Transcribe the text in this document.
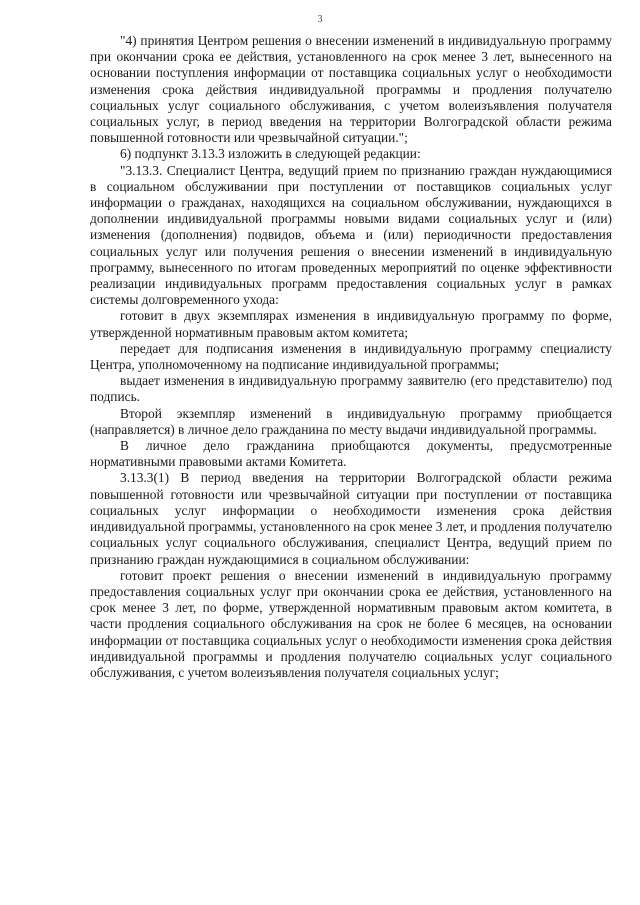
3

"4) принятия Центром решения о внесении изменений в индивидуальную программу при окончании срока ее действия, установленного на срок менее 3 лет, вынесенного на основании поступления информации от поставщика социальных услуг о необходимости изменения срока действия индивидуальной программы и продления получателю социальных услуг социального обслуживания, с учетом волеизъявления получателя социальных услуг, в период введения на территории Волгоградской области режима повышенной готовности или чрезвычайной ситуации.";

6) подпункт 3.13.3 изложить в следующей редакции:

"3.13.3. Специалист Центра, ведущий прием по признанию граждан нуждающимися в социальном обслуживании при поступлении от поставщиков социальных услуг информации о гражданах, находящихся на социальном обслуживании, нуждающихся в дополнении индивидуальной программы новыми видами социальных услуг и (или) изменения (дополнения) подвидов, объема и (или) периодичности предоставления социальных услуг или получения решения о внесении изменений в индивидуальную программу, вынесенного по итогам проведенных мероприятий по оценке эффективности реализации индивидуальных программ предоставления социальных услуг в рамках системы долговременного ухода:

готовит в двух экземплярах изменения в индивидуальную программу по форме, утвержденной нормативным правовым актом комитета;

передает для подписания изменения в индивидуальную программу специалисту Центра, уполномоченному на подписание индивидуальной программы;

выдает изменения в индивидуальную программу заявителю (его представителю) под подпись.

Второй экземпляр изменений в индивидуальную программу приобщается (направляется) в личное дело гражданина по месту выдачи индивидуальной программы.

В личное дело гражданина приобщаются документы, предусмотренные нормативными правовыми актами Комитета.

3.13.3(1) В период введения на территории Волгоградской области режима повышенной готовности или чрезвычайной ситуации при поступлении от поставщика социальных услуг информации о необходимости изменения срока действия индивидуальной программы, установленного на срок менее 3 лет, и продления получателю социальных услуг социального обслуживания, специалист Центра, ведущий прием по признанию граждан нуждающимися в социальном обслуживании:

готовит проект решения о внесении изменений в индивидуальную программу предоставления социальных услуг при окончании срока ее действия, установленного на срок менее 3 лет, по форме, утвержденной нормативным правовым актом комитета, в части продления социального обслуживания на срок не более 6 месяцев, на основании информации от поставщика социальных услуг о необходимости изменения срока действия индивидуальной программы и продления получателю социальных услуг социального обслуживания, с учетом волеизъявления получателя социальных услуг;
